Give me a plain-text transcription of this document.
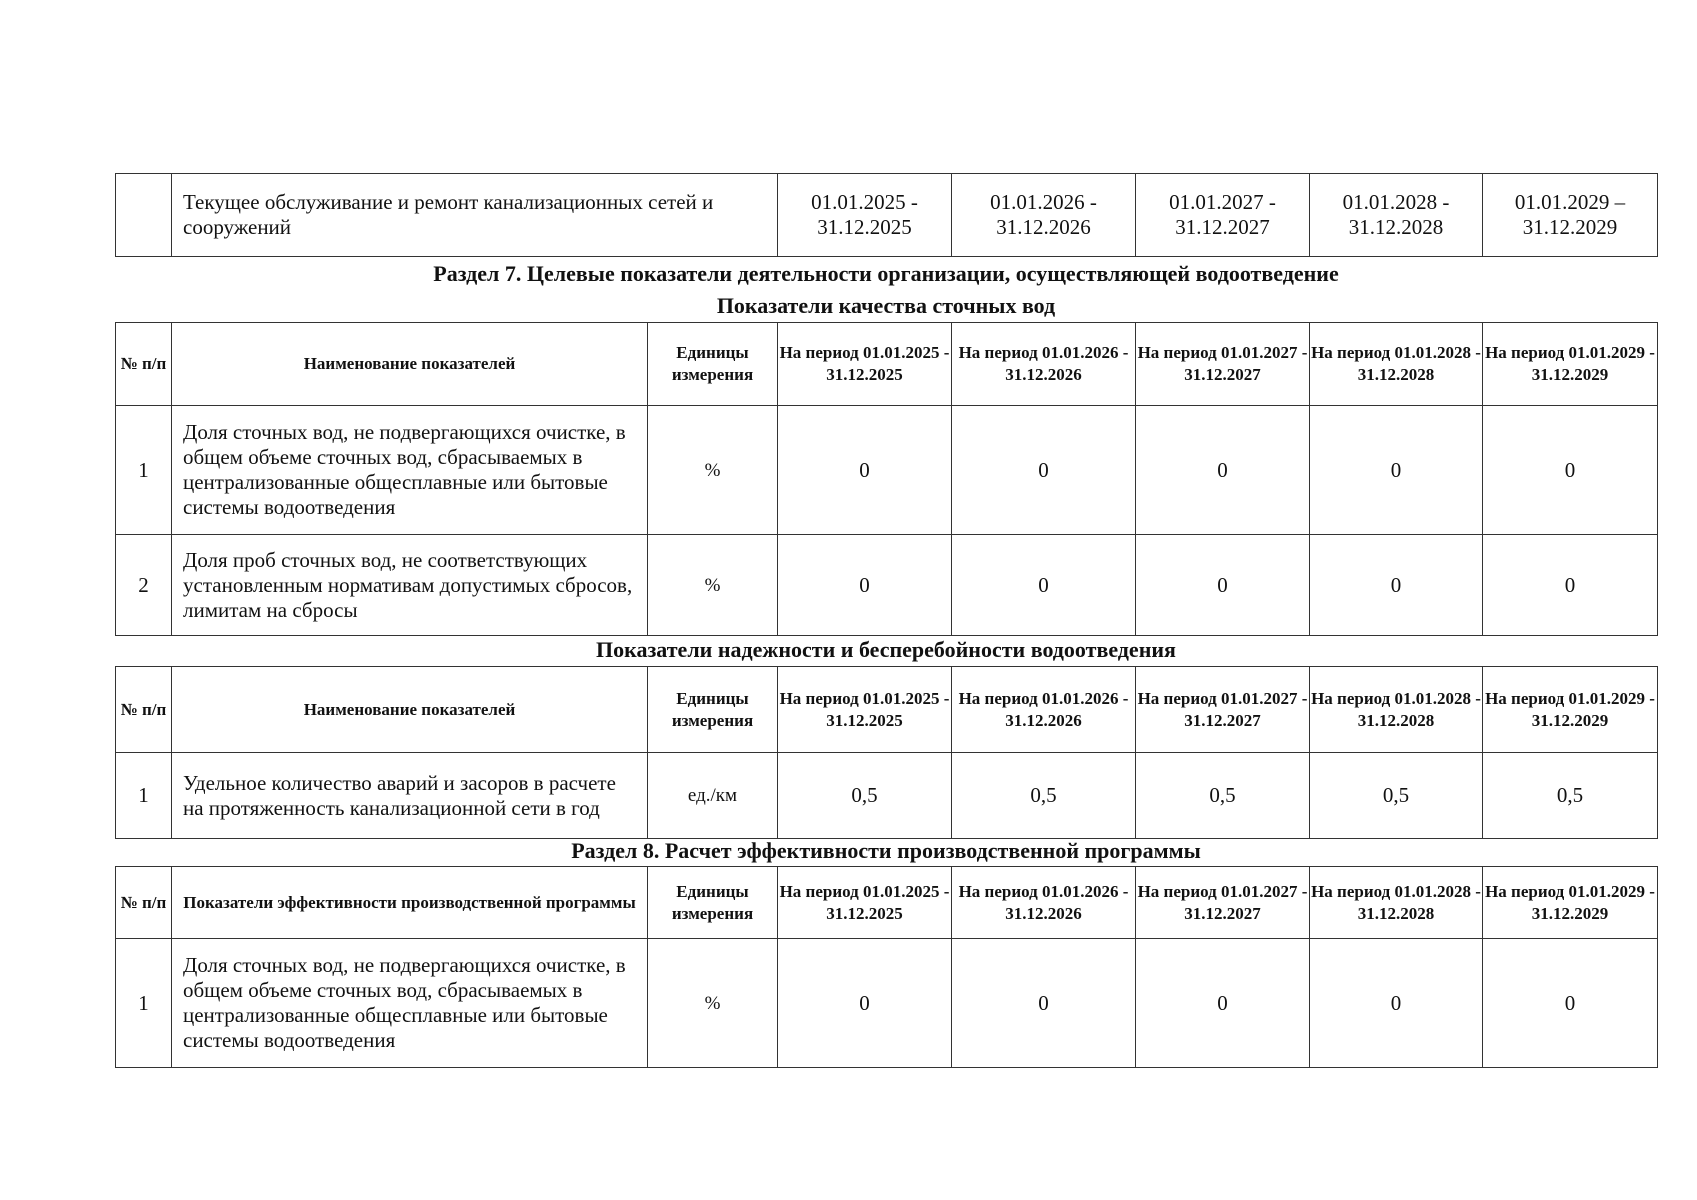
	Текущее обслуживание и ремонт канализационных сетей и сооружений	01.01.2025 - 31.12.2025	01.01.2026 - 31.12.2026	01.01.2027 - 31.12.2027	01.01.2028 - 31.12.2028	01.01.2029 – 31.12.2029
Раздел 7. Целевые показатели деятельности организации, осуществляющей водоотведение
Показатели качества сточных вод
№ п/п	Наименование показателей	Единицы измерения	На период 01.01.2025 - 31.12.2025	На период 01.01.2026 - 31.12.2026	На период 01.01.2027 - 31.12.2027	На период 01.01.2028 - 31.12.2028	На период 01.01.2029 - 31.12.2029
1	Доля сточных вод, не подвергающихся очистке, в общем объеме сточных вод, сбрасываемых в централизованные общесплавные или бытовые системы водоотведения	%	0	0	0	0	0
2	Доля проб сточных вод, не соответствующих установленным нормативам допустимых сбросов, лимитам на сбросы	%	0	0	0	0	0
Показатели надежности и бесперебойности водоотведения
№ п/п	Наименование показателей	Единицы измерения	На период 01.01.2025 - 31.12.2025	На период 01.01.2026 - 31.12.2026	На период 01.01.2027 - 31.12.2027	На период 01.01.2028 - 31.12.2028	На период 01.01.2029 - 31.12.2029
1	Удельное количество аварий и засоров в расчете на протяженность канализационной сети в год	ед./км	0,5	0,5	0,5	0,5	0,5
Раздел 8. Расчет эффективности производственной программы
№ п/п	Показатели эффективности производственной программы	Единицы измерения	На период 01.01.2025 - 31.12.2025	На период 01.01.2026 - 31.12.2026	На период 01.01.2027 - 31.12.2027	На период 01.01.2028 - 31.12.2028	На период 01.01.2029 - 31.12.2029
1	Доля сточных вод, не подвергающихся очистке, в общем объеме сточных вод, сбрасываемых в централизованные общесплавные или бытовые системы водоотведения	%	0	0	0	0	0
